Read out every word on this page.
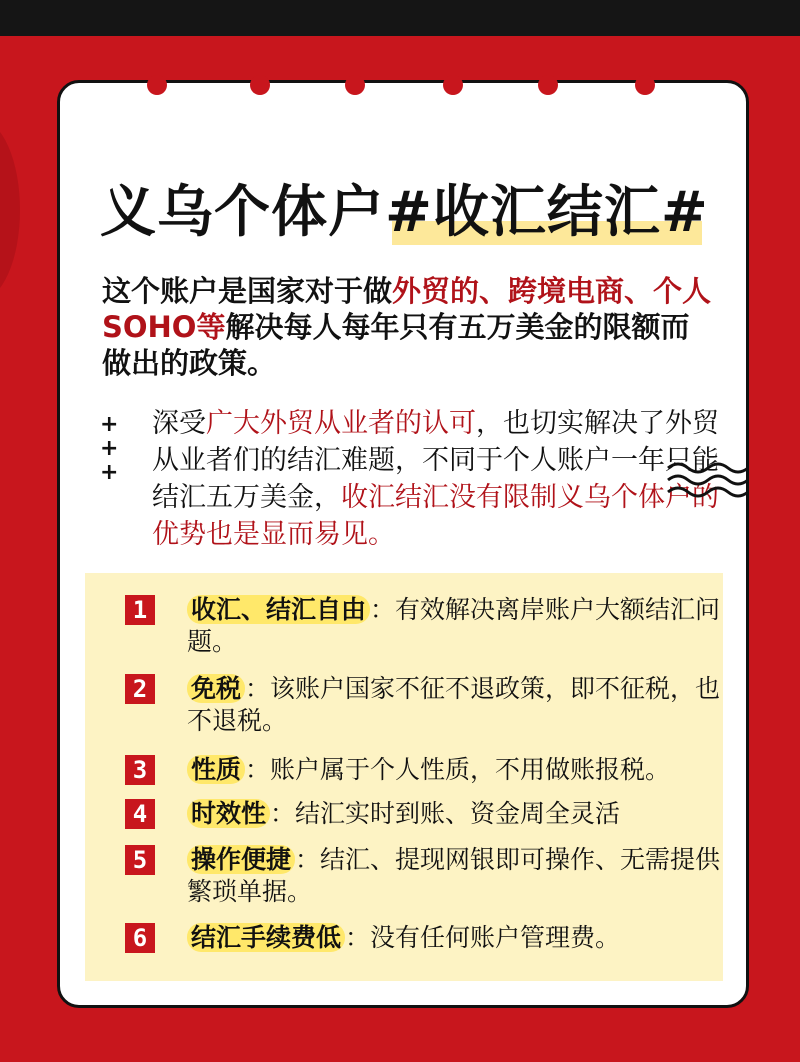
义乌个体户#收汇结汇#

这个账户是国家对于做外贸的、跨境电商、个人SOHO等解决每人每年只有五万美金的限额而做出的政策。

+
+
+

深受广大外贸从业者的认可，也切实解决了外贸从业者们的结汇难题，不同于个人账户一年只能结汇五万美金，收汇结汇没有限制义乌个体户的优势也是显而易见。

1	收汇、结汇自由 ：有效解决离岸账户大额结汇问题。

2	免税 ：该账户国家不征不退政策，即不征税，也不退税。

3	性质 ：账户属于个人性质，不用做账报税。

4	时效性 ：结汇实时到账、资金周全灵活

5	操作便捷 ：结汇、提现网银即可操作、无需提供繁琐单据。

6	结汇手续费低 ：没有任何账户管理费。
